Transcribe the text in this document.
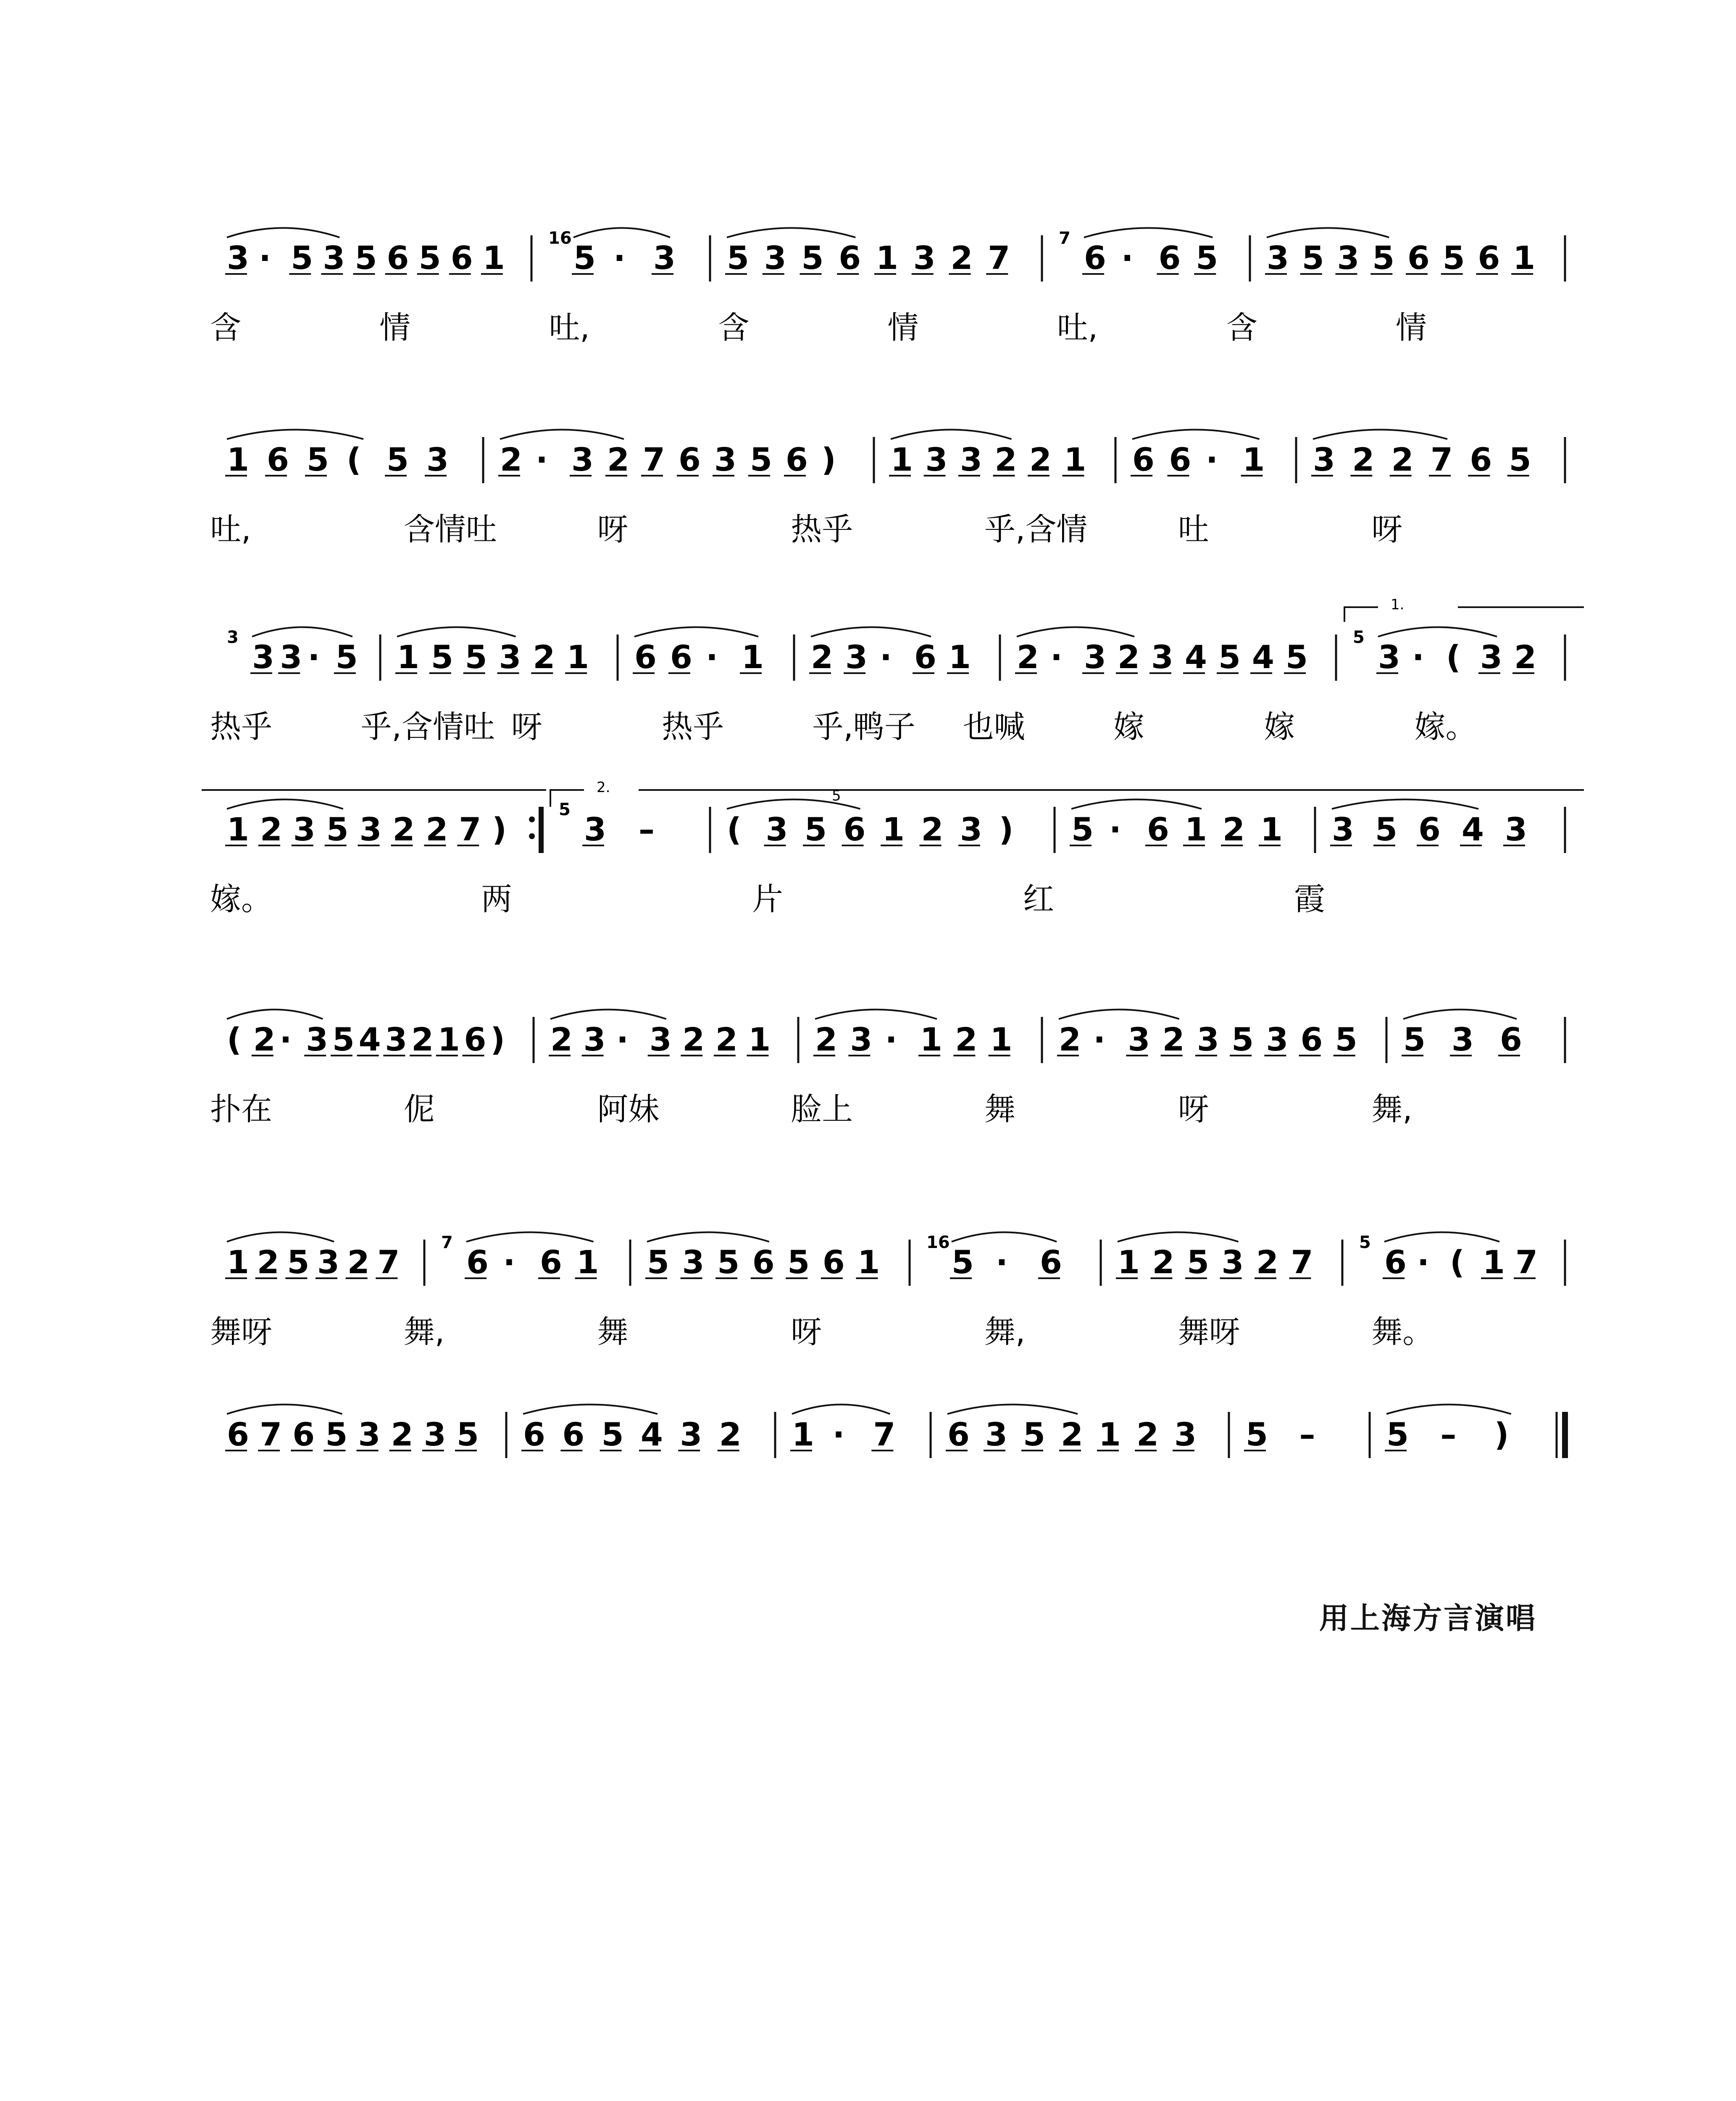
3 · 5 3 5 6 5 6 1
16
5 · 3 5 3 5 6 1 3 2 7
7
6 · 6 5 3 5 3 5 6 5 6 1
含	情	吐,	含	情	吐,	含	情
1 6 5 ( 5 3 2 · 3 2 7 6 3 5 6 ) 1 3 3 2 2 1 6 6 · 1 3 2 2 7 6 5
吐,	含情吐	呀	热乎	乎,含情	吐	呀
3
3 3 · 5 1 5 5 3 2 1 6 6 · 1 2 3 · 6 1 2 · 3 2 3 4 5 4 5
5
3 · ( 3 2
1.
热乎	乎,含情吐 呀	热乎	乎,鸭子 也喊	嫁	嫁	嫁。
1 2 3 5 3 2 2 7 )
5
3 – ( 3 5 6 1 2 3 ) 5 · 6 1 2 1 3 5 6 4 3
2.	5
嫁。	两	片	红	霞
( 2 · 3 5 4 3 2 1 6 ) 2 3 · 3 2 2 1 2 3 · 1 2 1 2 · 3 2 3 5 3 6 5 5 3 6
扑在	伲	阿妹	脸上	舞	呀	舞,
1 2 5 3 2 7
7
6 · 6 1 5 3 5 6 5 6 1
16
5 · 6 1 2 5 3 2 7
5
6 · ( 1 7
舞呀	舞,	舞	呀	舞,	舞呀	舞。
6 7 6 5 3 2 3 5 6 6 5 4 3 2 1 · 7 6 3 5 2 1 2 3 5 – 5 – )
用上海方言演唱
